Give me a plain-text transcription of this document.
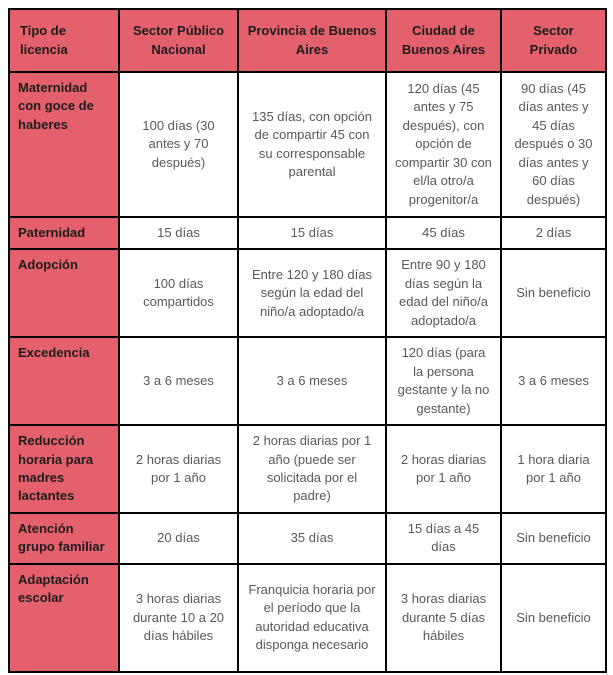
Tipo de licencia	Sector Público Nacional	Provincia de Buenos Aires	Ciudad de Buenos Aires	Sector Privado
Maternidad con goce de haberes	100 días (30 antes y 70 después)	135 días, con opción de compartir 45 con su corresponsable parental	120 días (45 antes y 75 después), con opción de compartir 30 con el/la otro/a progenitor/a	90 días (45 días antes y 45 días después o 30 días antes y 60 días después)
Paternidad	15 días	15 días	45 días	2 días
Adopción	100 días compartidos	Entre 120 y 180 días según la edad del niño/a adoptado/a	Entre 90 y 180 días según la edad del niño/a adoptado/a	Sin beneficio
Excedencia	3 a 6 meses	3 a 6 meses	120 días (para la persona gestante y la no gestante)	3 a 6 meses
Reducción horaria para madres lactantes	2 horas diarias por 1 año	2 horas diarias por 1 año (puede ser solicitada por el padre)	2 horas diarias por 1 año	1 hora diaria por 1 año
Atención grupo familiar	20 días	35 días	15 días a 45 días	Sin beneficio
Adaptación escolar	3 horas diarias durante 10 a 20 días hábiles	Franquicia horaria por el período que la autoridad educativa disponga necesario	3 horas diarias durante 5 días hábiles	Sin beneficio
